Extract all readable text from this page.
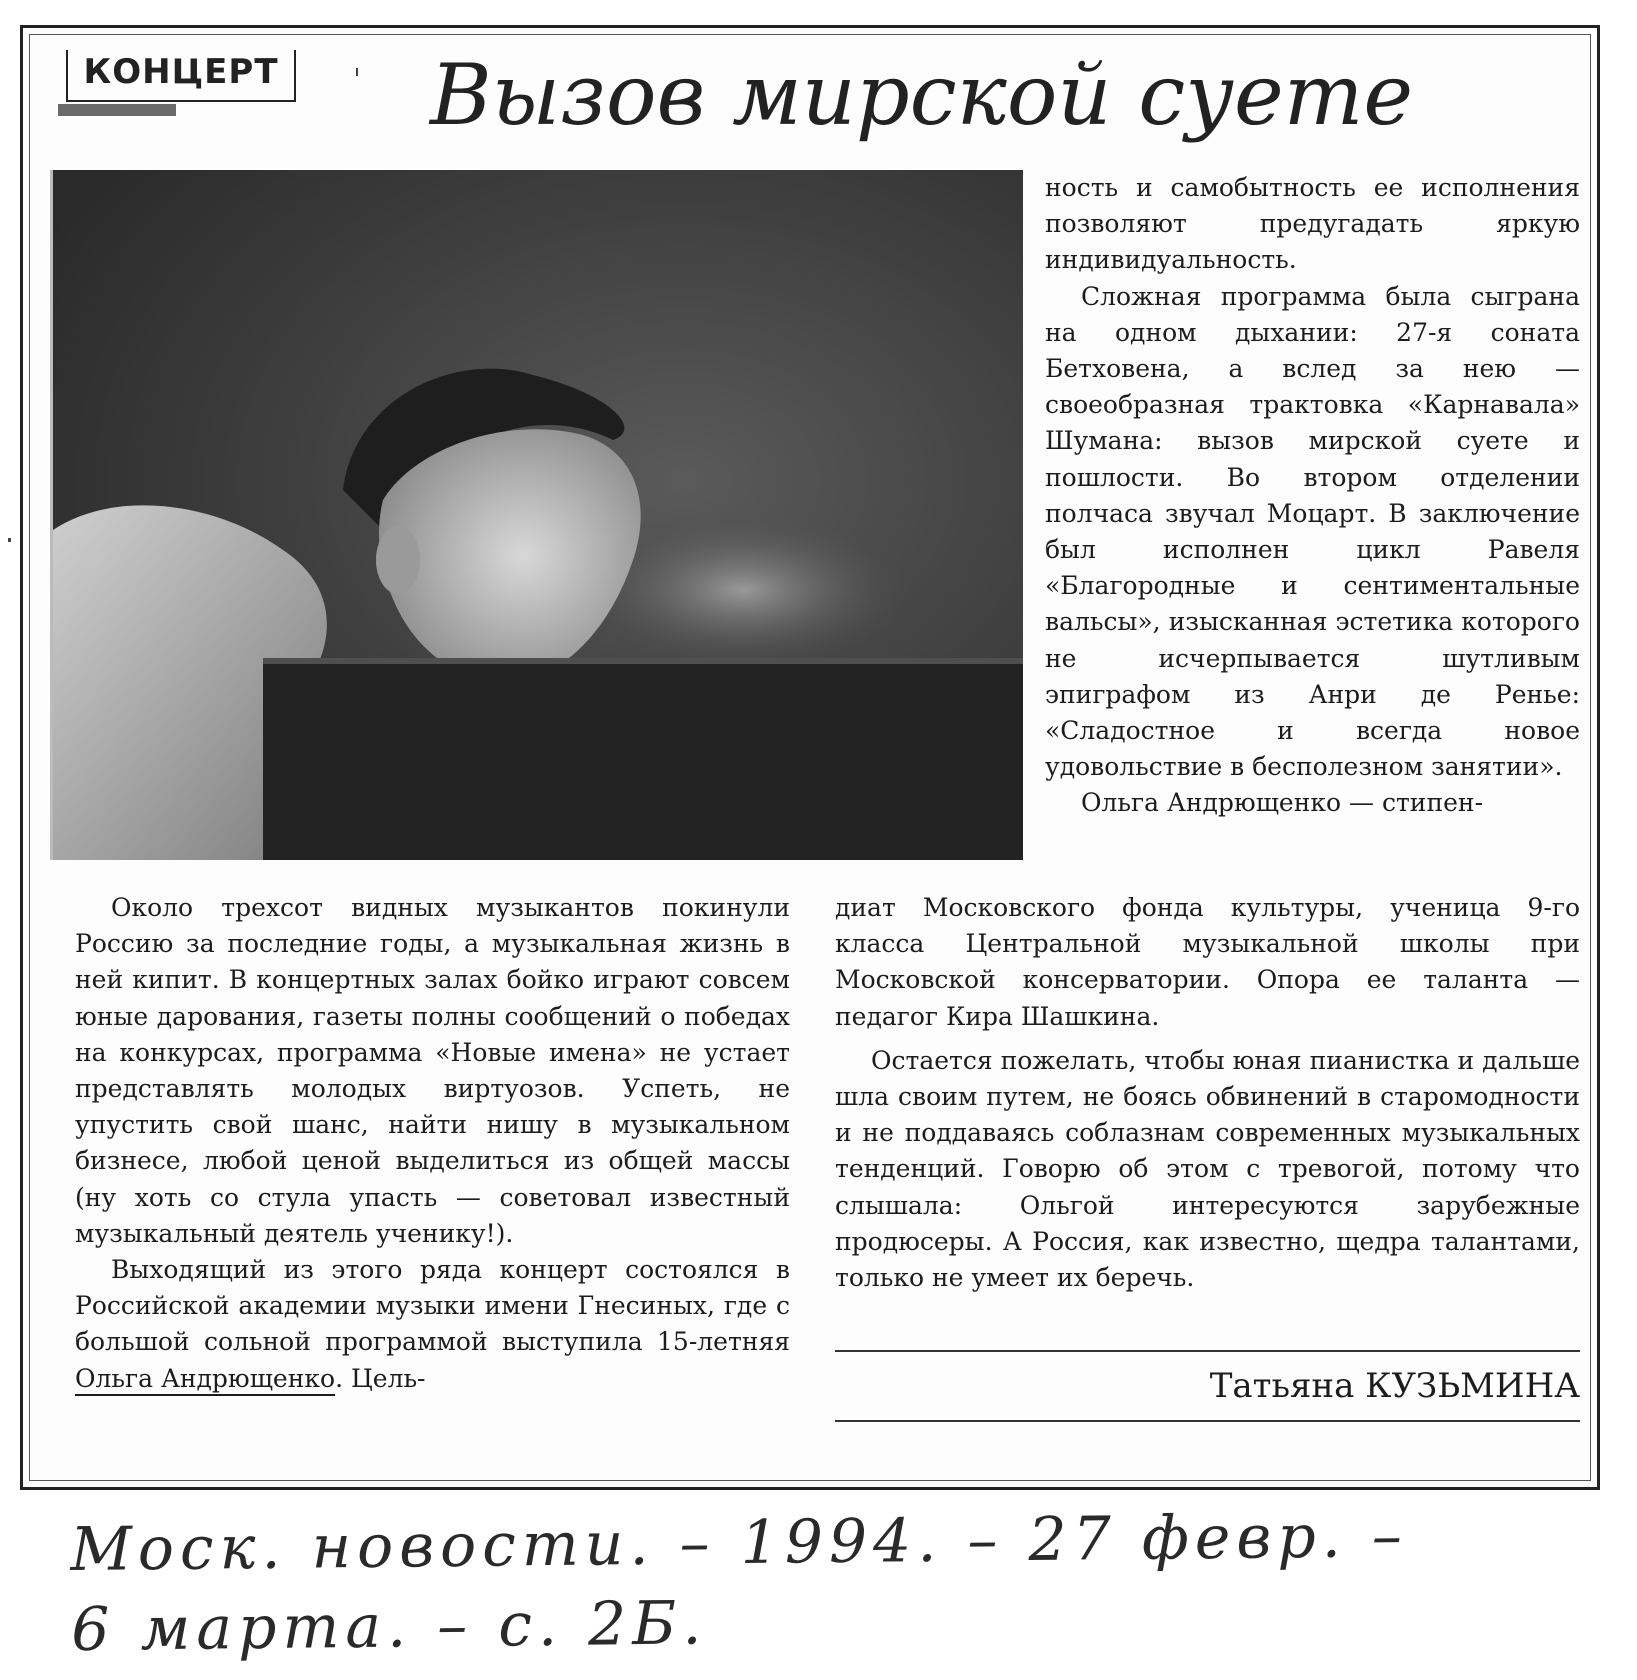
КОНЦЕРТ Вызов мирской суете

ность и самобытность ее исполнения позволяют предугадать яркую индивидуальность.

Сложная программа была сыграна на одном дыхании: 27-я соната Бетховена, а вслед за нею — своеобразная трактовка «Карнавала» Шумана: вызов мирской суете и пошлости. Во втором отделении полчаса звучал Моцарт. В заключение был исполнен цикл Равеля «Благородные и сентиментальные вальсы», изысканная эстетика которого не исчерпывается шутливым эпиграфом из Анри де Ренье: «Сладостное и всегда новое удовольствие в бесполезном занятии».

Ольга Андрющенко — стипен-

Около трехсот видных музыкантов покинули Россию за последние годы, а музыкальная жизнь в ней кипит. В концертных залах бойко играют совсем юные дарования, газеты полны сообщений о победах на конкурсах, программа «Новые имена» не устает представлять молодых виртуозов. Успеть, не упустить свой шанс, найти нишу в музыкальном бизнесе, любой ценой выделиться из общей массы (ну хоть со стула упасть — советовал известный музыкальный деятель ученику!).

Выходящий из этого ряда концерт состоялся в Российской академии музыки имени Гнесиных, где с большой сольной программой выступила 15-летняя Ольга Андрющенко. Цель-

диат Московского фонда культуры, ученица 9-го класса Центральной музыкальной школы при Московской консерватории. Опора ее таланта — педагог Кира Шашкина.

Остается пожелать, чтобы юная пианистка и дальше шла своим путем, не боясь обвинений в старомодности и не поддаваясь соблазнам современных музыкальных тенденций. Говорю об этом с тревогой, потому что слышала: Ольгой интересуются зарубежные продюсеры. А Россия, как известно, щедра талантами, только не умеет их беречь.

Татьяна КУЗЬМИНА
Моск. новости. – 1994. – 27 февр. –
6 марта. – с. 2Б.
